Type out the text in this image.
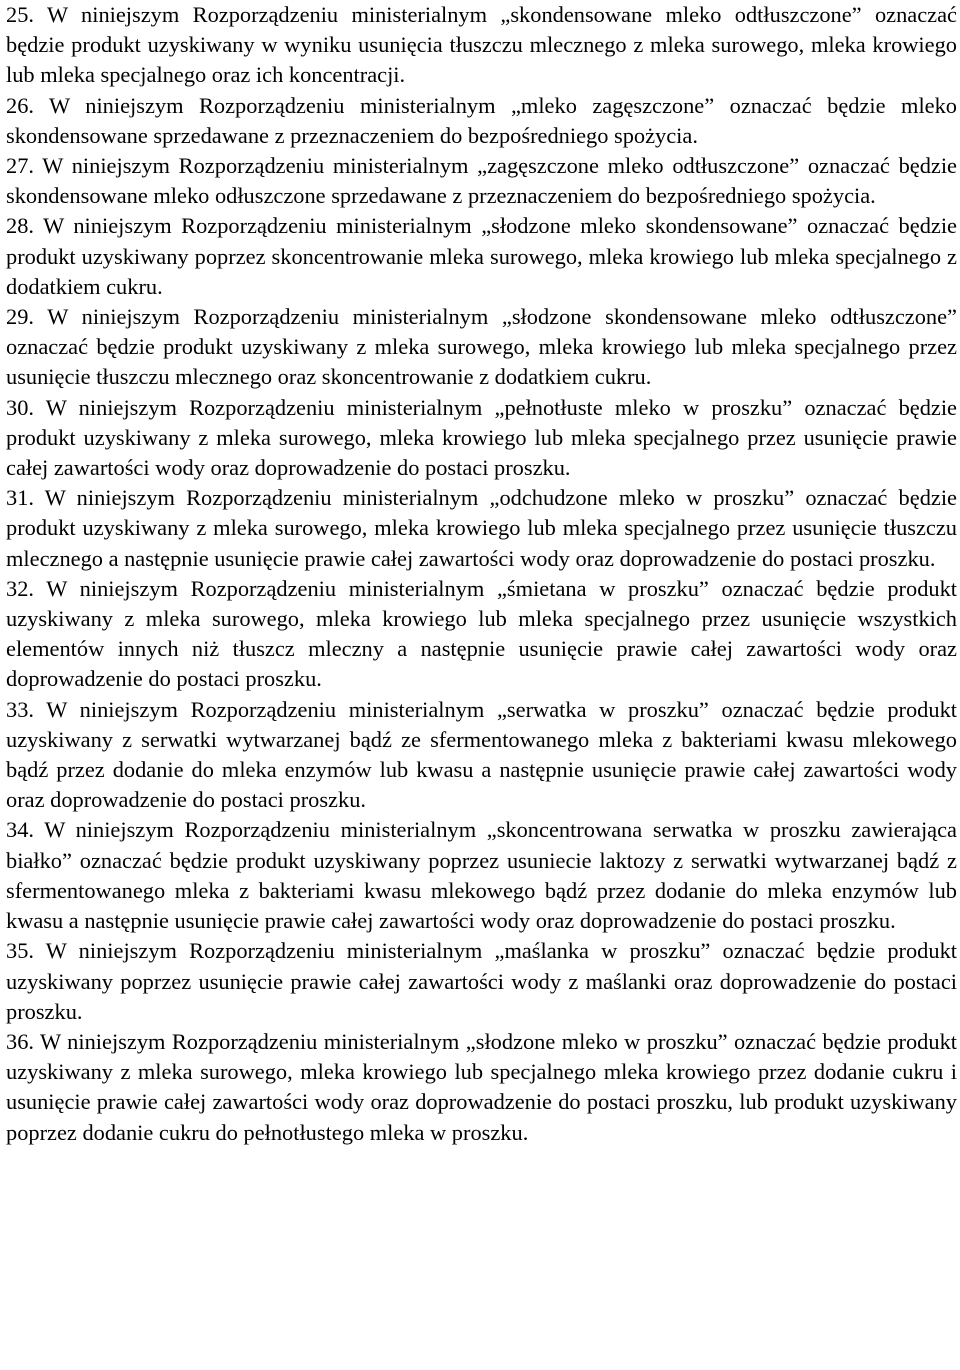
25. W niniejszym Rozporządzeniu ministerialnym „skondensowane mleko odtłuszczone” oznaczać będzie produkt uzyskiwany w wyniku usunięcia tłuszczu mlecznego z mleka surowego, mleka krowiego lub mleka specjalnego oraz ich koncentracji.

26. W niniejszym Rozporządzeniu ministerialnym „mleko zagęszczone” oznaczać będzie mleko skondensowane sprzedawane z przeznaczeniem do bezpośredniego spożycia.

27. W niniejszym Rozporządzeniu ministerialnym „zagęszczone mleko odtłuszczone” oznaczać będzie skondensowane mleko odłuszczone sprzedawane z przeznaczeniem do bezpośredniego spożycia.

28. W niniejszym Rozporządzeniu ministerialnym „słodzone mleko skondensowane” oznaczać będzie produkt uzyskiwany poprzez skoncentrowanie mleka surowego, mleka krowiego lub mleka specjalnego z dodatkiem cukru.

29. W niniejszym Rozporządzeniu ministerialnym „słodzone skondensowane mleko odtłuszczone” oznaczać będzie produkt uzyskiwany z mleka surowego, mleka krowiego lub mleka specjalnego przez usunięcie tłuszczu mlecznego oraz skoncentrowanie z dodatkiem cukru.

30. W niniejszym Rozporządzeniu ministerialnym „pełnotłuste mleko w proszku” oznaczać będzie produkt uzyskiwany z mleka surowego, mleka krowiego lub mleka specjalnego przez usunięcie prawie całej zawartości wody oraz doprowadzenie do postaci proszku.

31. W niniejszym Rozporządzeniu ministerialnym „odchudzone mleko w proszku” oznaczać będzie produkt uzyskiwany z mleka surowego, mleka krowiego lub mleka specjalnego przez usunięcie tłuszczu mlecznego a następnie usunięcie prawie całej zawartości wody oraz doprowadzenie do postaci proszku.

32. W niniejszym Rozporządzeniu ministerialnym „śmietana w proszku” oznaczać będzie produkt uzyskiwany z mleka surowego, mleka krowiego lub mleka specjalnego przez usunięcie wszystkich elementów innych niż tłuszcz mleczny a następnie usunięcie prawie całej zawartości wody oraz doprowadzenie do postaci proszku.

33. W niniejszym Rozporządzeniu ministerialnym „serwatka w proszku” oznaczać będzie produkt uzyskiwany z serwatki wytwarzanej bądź ze sfermentowanego mleka z bakteriami kwasu mlekowego bądź przez dodanie do mleka enzymów lub kwasu a następnie usunięcie prawie całej zawartości wody oraz doprowadzenie do postaci proszku.

34. W niniejszym Rozporządzeniu ministerialnym „skoncentrowana serwatka w proszku zawierająca białko” oznaczać będzie produkt uzyskiwany poprzez usuniecie laktozy z serwatki wytwarzanej bądź z sfermentowanego mleka z bakteriami kwasu mlekowego bądź przez dodanie do mleka enzymów lub kwasu a następnie usunięcie prawie całej zawartości wody oraz doprowadzenie do postaci proszku.

35. W niniejszym Rozporządzeniu ministerialnym „maślanka w proszku” oznaczać będzie produkt uzyskiwany poprzez usunięcie prawie całej zawartości wody z maślanki oraz doprowadzenie do postaci proszku.

36. W niniejszym Rozporządzeniu ministerialnym „słodzone mleko w proszku” oznaczać będzie produkt uzyskiwany z mleka surowego, mleka krowiego lub specjalnego mleka krowiego przez dodanie cukru i usunięcie prawie całej zawartości wody oraz doprowadzenie do postaci proszku, lub produkt uzyskiwany poprzez dodanie cukru do pełnotłustego mleka w proszku.
